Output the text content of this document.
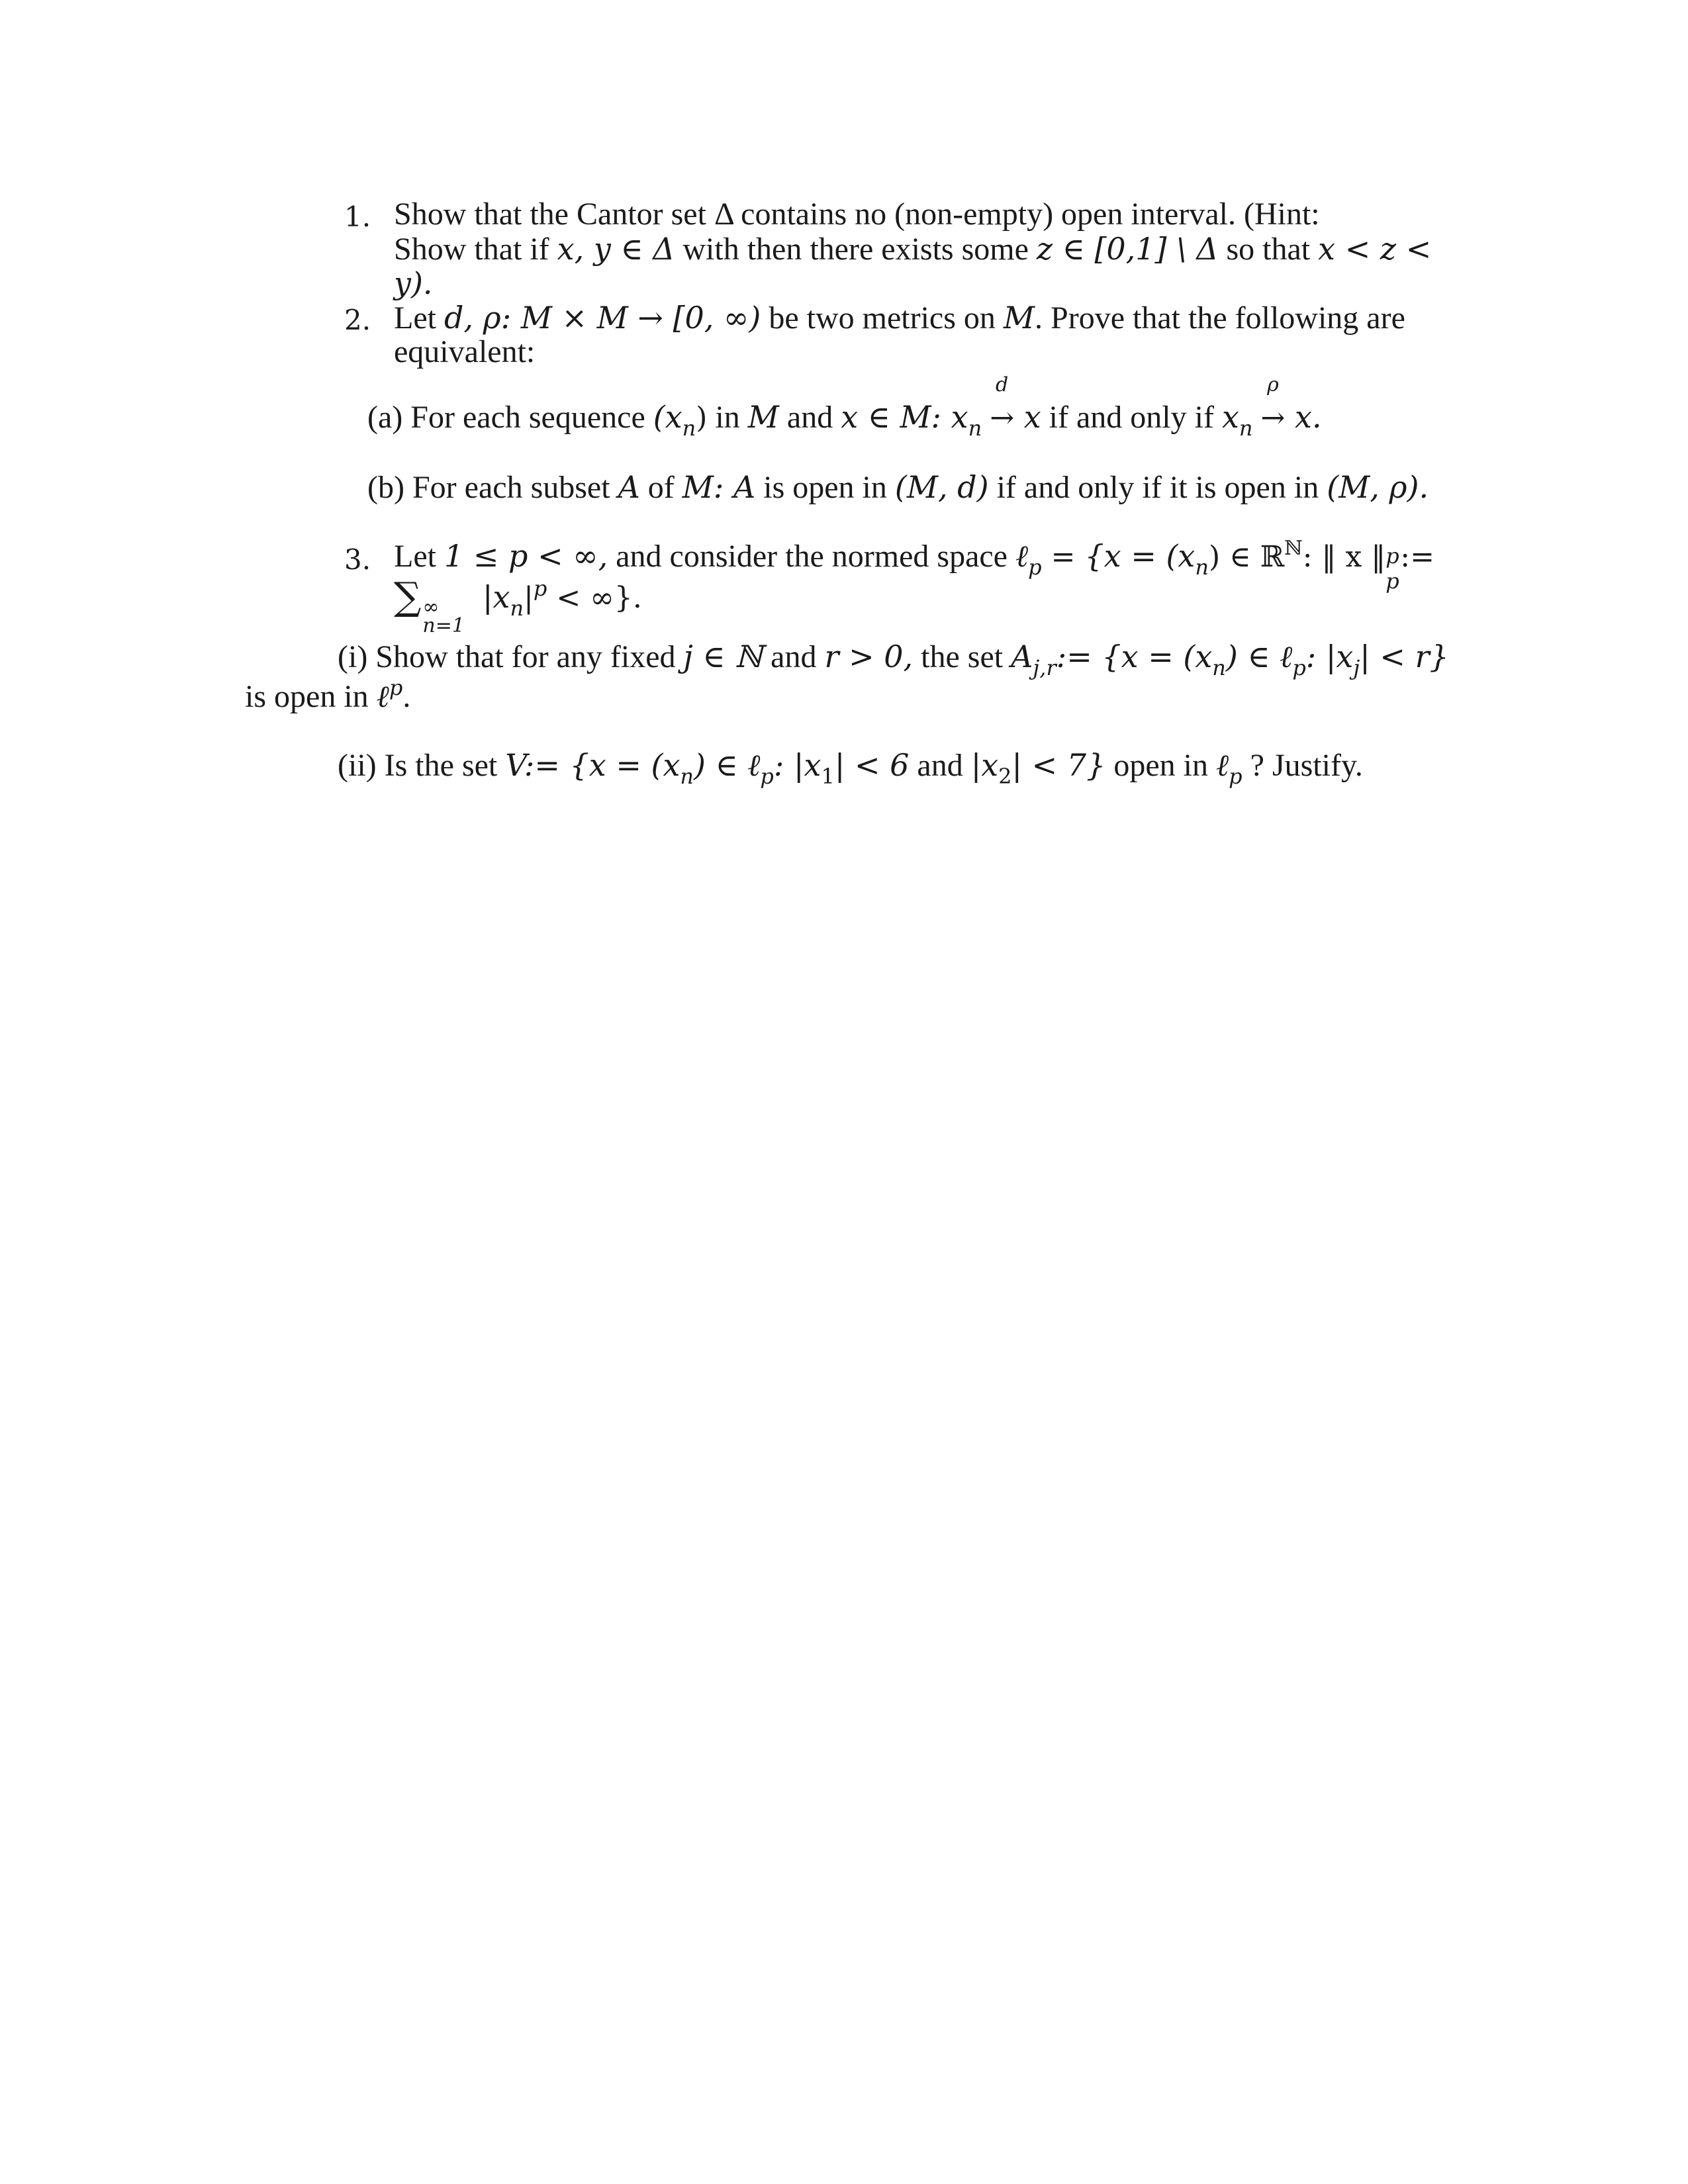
1. Show that the Cantor set Δ contains no (non-empty) open interval. (Hint:
Show that if x, y ∈ Δ with then there exists some z ∈ [0,1] \ Δ so that x < z <
y).
2. Let d, ρ: M × M → [0, ∞) be two metrics on M. Prove that the following are
equivalent:
(a) For each sequence $(x_n)$ in M and x ∈ M: $x_n$
d
→ x if and only if $x_n$
ρ
→ x.
(b) For each subset A of M: A is open in (M, d) if and only if it is open in (M, ρ).
3. Let 1 ≤ p < ∞, and consider the normed space ℓ$_p$ = {$x = (x_n)$ ∈ ℝ$^ℕ$: ‖ x ‖ p
p
:=
∑ ∞
n=1
$|x_n|^p$ < ∞}.
(i) Show that for any fixed j ∈ ℕ and r > 0, the set $A_{j,r}:= \{x = (x_n)$ ∈ ℓ$_p$: $|x_j| < r$}
is open in ℓ$^p$.
(ii) Is the set V:= {$x = (x_n)$ ∈ ℓ$_p$: $|x_1| < 6$ and $|x_2| < 7$} open in ℓ$_p$ ? Justify.
